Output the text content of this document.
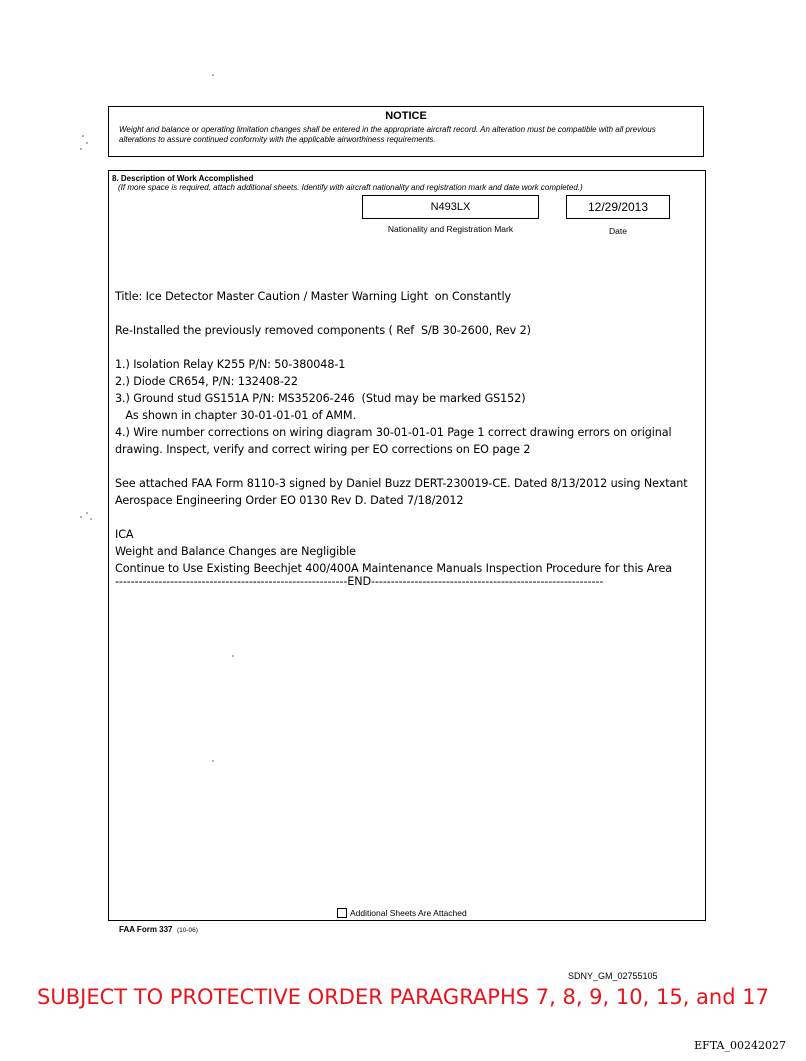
NOTICE
Weight and balance or operating limitation changes shall be entered in the appropriate aircraft record. An alteration must be compatible with all previous alterations to assure continued conformity with the applicable airworthiness requirements.
8. Description of Work Accomplished
(If more space is required, attach additional sheets. Identify with aircraft nationality and registration mark and date work completed.)
N493LX
Nationality and Registration Mark
12/29/2013
Date
Additional Sheets Are Attached

Title: Ice Detector Master Caution / Master Warning Light  on Constantly

Re-Installed the previously removed components ( Ref  S/B 30-2600, Rev 2)

1.) Isolation Relay K255 P/N: 50-380048-1

2.) Diode CR654, P/N: 132408-22

3.) Ground stud GS151A P/N: MS35206-246  (Stud may be marked GS152)

As shown in chapter 30-01-01-01 of AMM.

4.) Wire number corrections on wiring diagram 30-01-01-01 Page 1 correct drawing errors on original

drawing. Inspect, verify and correct wiring per EO corrections on EO page 2

See attached FAA Form 8110-3 signed by Daniel Buzz DERT-230019-CE. Dated 8/13/2012 using Nextant

Aerospace Engineering Order EO 0130 Rev D. Dated 7/18/2012

ICA

Weight and Balance Changes are Negligible

Continue to Use Existing Beechjet 400/400A Maintenance Manuals Inspection Procedure for this Area

-----------------------------------------------------------END-----------------------------------------------------------

FAA Form 337 (10-06)
SDNY_GM_02755105
SUBJECT TO PROTECTIVE ORDER PARAGRAPHS 7, 8, 9, 10, 15, and 17
EFTA_00242027
